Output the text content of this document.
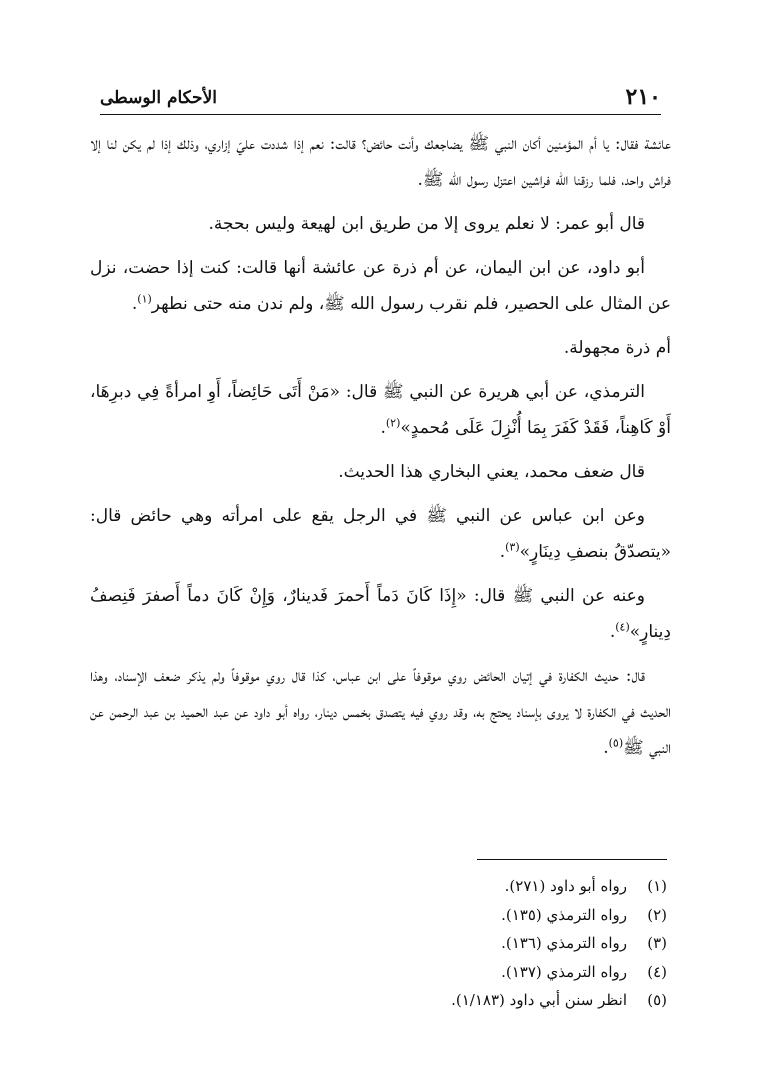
٢١٠
الأحكام الوسطى

عائشة فقال: يا أم المؤمنين أكان النبي ﷺ يضاجعك وأنت حائض؟ قالت: نعم إذا شددت عليّ إزاري، وذلك إذا لم يكن لنا إلا فراش واحد، فلما رزقنا الله فراشين اعتزل رسول الله ﷺ.

قال أبو عمر: لا نعلم يروى إلا من طريق ابن لهيعة وليس بحجة.

أبو داود، عن ابن اليمان، عن أم ذرة عن عائشة أنها قالت: كنت إذا حضت، نزل عن المثال على الحصير، فلم نقرب رسول الله ﷺ، ولم ندن منه حتى نطهر$^{(١)}$.

أم ذرة مجهولة.

الترمذي، عن أبي هريرة عن النبي ﷺ قال: «مَنْ أَتَى حَائِضاً، أَوِ امرأةً فِي دبرِهَا، أَوْ كَاهِناً، فَقَدْ كَفَرَ بِمَا أُنْزِلَ عَلَى مُحمدٍ»$^{(٢)}$.

قال ضعف محمد، يعني البخاري هذا الحديث.

وعن ابن عباس عن النبي ﷺ في الرجل يقع على امرأته وهي حائض قال: «يتصدّقُ بنصفِ دِينَارٍ»$^{(٣)}$.

وعنه عن النبي ﷺ قال: «إِذَا كَانَ دَماً أَحمرَ فَدينارٌ، وَإِنْ كَانَ دماً أَصفرَ فَنِصفُ دِينارٍ»$^{(٤)}$.

قال: حديث الكفارة في إتيان الحائض روي موقوفاً على ابن عباس، كذا قال روي موقوفاً ولم يذكر ضعف الإسناد، وهذا الحديث في الكفارة لا يروى بإسناد يحتج به، وقد روي فيه يتصدق بخمس دينار، رواه أبو داود عن عبد الحميد بن عبد الرحمن عن النبي ﷺ$^{(٥)}$.

(١)رواه أبو داود (٢٧١).
(٢)رواه الترمذي (١٣٥).
(٣)رواه الترمذي (١٣٦).
(٤)رواه الترمذي (١٣٧).
(٥)انظر سنن أبي داود (١/١٨٣).
